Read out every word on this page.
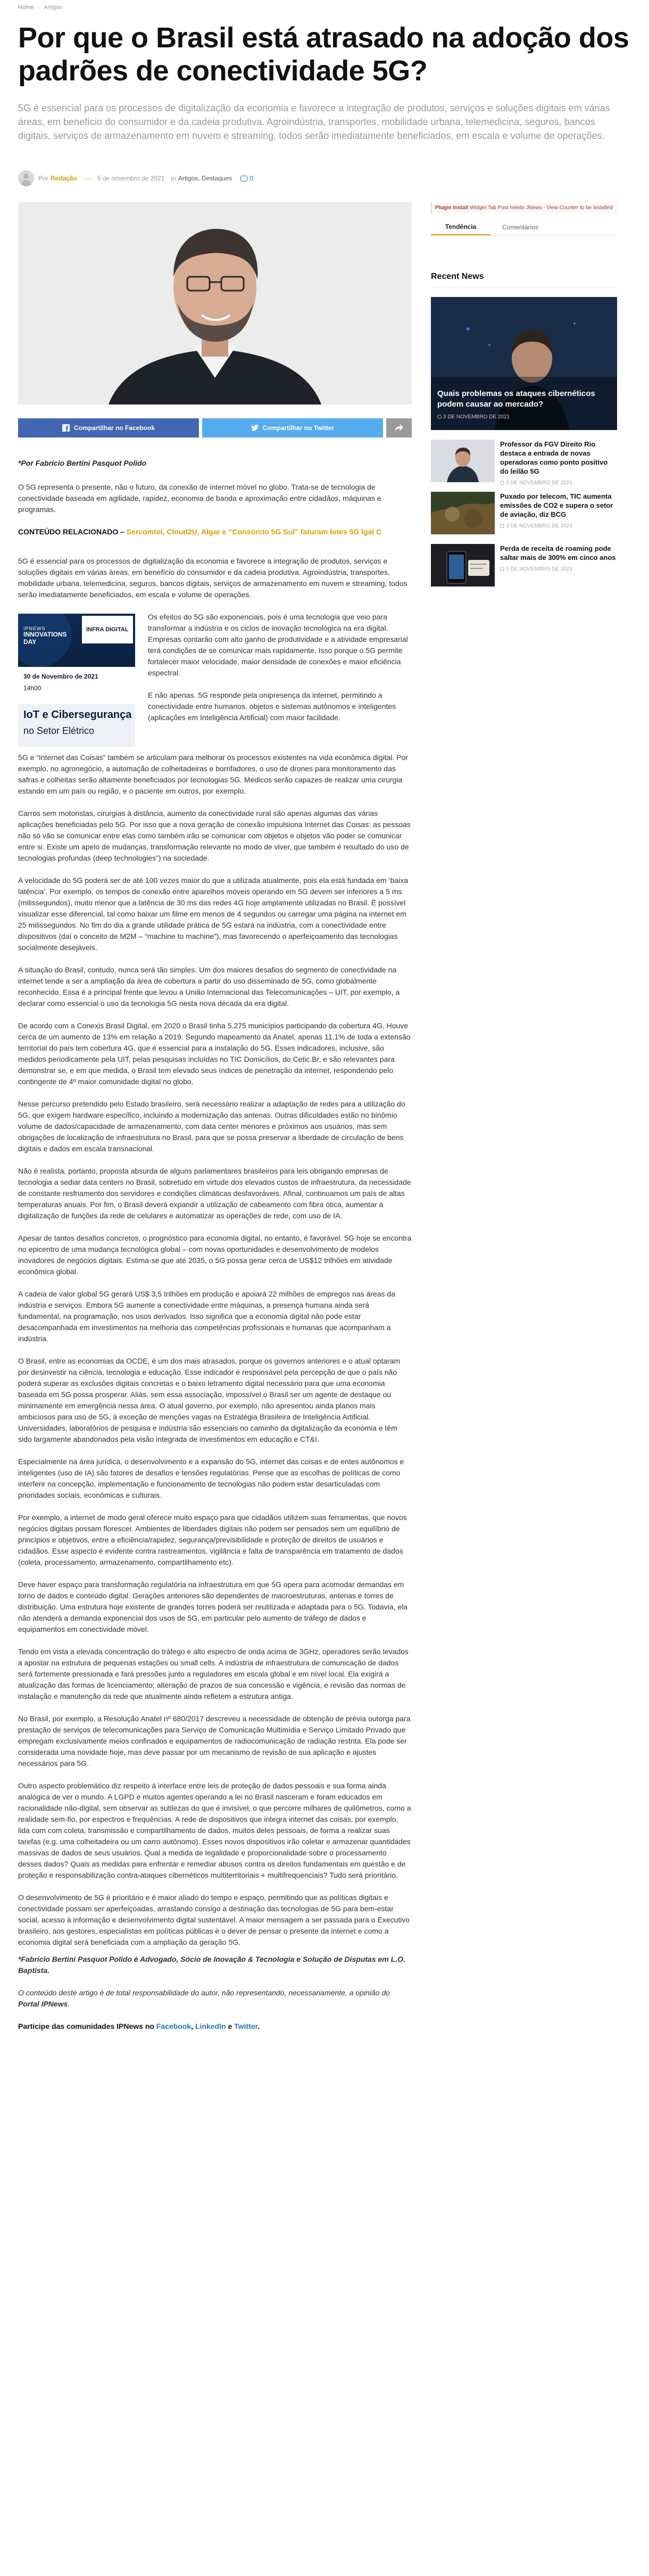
Home › Artigos
Por que o Brasil está atrasado na adoção dos padrões de conectividade 5G?

5G é essencial para os processos de digitalização da economia e favorece a integração de produtos, serviços e soluções digitais em várias áreas, em benefício do consumidor e da cadeia produtiva. Agroindústria, transportes, mobilidade urbana, telemedicina, seguros, bancos digitais, serviços de armazenamento em nuvem e streaming, todos serão imediatamente beneficiados, em escala e volume de operações.

Por Redação — 5 de novembro de 2021 in Artigos, Destaques	0
Compartilhar no Facebook	Compartilhar no Twitter

*Por Fabrício Bertini Pasquot Polido

O 5G representa o presente, não o futuro, da conexão de internet móvel no globo. Trata-se de tecnologia de conectividade baseada em agilidade, rapidez, economia de banda e aproximação entre cidadãos, máquinas e programas.

CONTEÚDO RELACIONADO – Sercomtel, Cloud2U, Algar e “Consórcio 5G Sul” faturam lotes 5G lgal C

5G é essencial para os processos de digitalização da economia e favorece a integração de produtos, serviços e soluções digitais em várias áreas, em benefício do consumidor e da cadeia produtiva. Agroindústria, transportes, mobilidade urbana, telemedicina, seguros, bancos digitais, serviços de armazenamento em nuvem e streaming, todos serão imediatamente beneficiados, em escala e volume de operações.

IPNEWS
INNOVATIONS DAY
INFRA DIGITAL
30 de Novembro de 2021
14h00
IoT e Cibersegurança
no Setor Elétrico

Os efeitos do 5G são exponenciais, pois é uma tecnologia que veio para transformar a indústria e os ciclos de inovação tecnológica na era digital. Empresas contarão com alto ganho de produtividade e a atividade empresarial terá condições de se comunicar mais rapidamente. Isso porque o 5G permite fortalecer maior velocidade, maior densidade de conexões e maior eficiência espectral.

E não apenas. 5G responde pela onipresença da internet, permitindo a conectividade entre humanos, objetos e sistemas autônomos e inteligentes (aplicações em Inteligência Artificial) com maior facilidade.

5G e “Internet das Coisas” também se articulam para melhorar os processos existentes na vida econômica digital. Por exemplo, no agronegócio, a automação de colheitadeiras e borrifadores, o uso de drones para monitoramento das safras e colheitas serão altamente beneficiados por tecnologias 5G. Médicos serão capazes de realizar uma cirurgia estando em um país ou região, e o paciente em outros, por exemplo.

Carros sem motoristas, cirurgias à distância, aumento da conectividade rural são apenas algumas das várias aplicações beneficiadas pelo 5G. Por isso que a nova geração de conexão impulsiona Internet das Coisas: as pessoas não só vão se comunicar entre elas como também irão se comunicar com objetos e objetos vão poder se comunicar entre si. Existe um apelo de mudanças, transformação relevante no modo de viver, que também é resultado do uso de tecnologias profundas (deep technologies”) na sociedade.

A velocidade do 5G poderá ser de até 100 vezes maior do que a utilizada atualmente, pois ela está fundada em ‘baixa latência’. Por exemplo, os tempos de conexão entre aparelhos móveis operando em 5G devem ser inferiores a 5 ms (milissegundos), muito menor que a latência de 30 ms das redes 4G hoje amplamente utilizadas no Brasil. É possível visualizar esse diferencial, tal como baixar um filme em menos de 4 segundos ou carregar uma página na internet em 25 milissegundos. No fim do dia a grande utilidade prática de 5G estará na indústria, com a conectividade entre dispositivos (daí o conceito de M2M – “machine to machine”), mas favorecendo o aperfeiçoamento das tecnologias socialmente desejáveis.

A situação do Brasil, contudo, nunca será tão simples. Um dos maiores desafios do segmento de conectividade na internet tende a ser a ampliação da área de cobertura a partir do uso disseminado de 5G, como globalmente reconhecido. Essa é a principal frente que levou a União Internacional das Telecomunicações – UIT, por exemplo, a declarar como essencial o uso da tecnologia 5G nesta nova década da era digital.

De acordo com a Conexis Brasil Digital, em 2020 o Brasil tinha 5.275 municípios participando da cobertura 4G. Houve cerca de um aumento de 13% em relação a 2019. Segundo mapeamento da Anatel, apenas 11,1% de toda a extensão territorial do país tem cobertura 4G, que é essencial para a instalação do 5G. Esses indicadores, inclusive, são medidos periodicamente pela UIT, pelas pesquisas incluídas no TIC Domicílios, do Cetic.Br, e são relevantes para demonstrar se, e em que medida, o Brasil tem elevado seus índices de penetração da internet, respondendo pelo contingente de 4º maior comunidade digital no globo.

Nesse percurso pretendido pelo Estado brasileiro, será necessário realizar a adaptação de redes para a utilização do 5G, que exigem hardware específico, incluindo a modernização das antenas. Outras dificuldades estão no binômio volume de dados/capacidade de armazenamento, com data center menores e próximos aos usuários, mas sem obrigações de localização de infraestrutura no Brasil, para que se possa preservar a liberdade de circulação de bens digitais e dados em escala transnacional.

Não é realista, portanto, proposta absurda de alguns parlamentares brasileiros para leis obrigando empresas de tecnologia a sediar data centers no Brasil, sobretudo em virtude dos elevados custos de infraestrutura, da necessidade de constante resfriamento dos servidores e condições climáticas desfavoráveis. Afinal, continuamos um país de altas temperaturas anuais. Por fim, o Brasil deverá expandir a utilização de cabeamento com fibra ótica, aumentar a digitalização de funções da rede de celulares e automatizar as operações de rede, com uso de IA.

Apesar de tantos desafios concretos, o prognóstico para economia digital, no entanto, é favorável. 5G hoje se encontra no epicentro de uma mudança tecnológica global – com novas oportunidades e desenvolvimento de modelos inovadores de negócios digitais. Estima-se que até 2035, o 5G possa gerar cerca de US$12 trilhões em atividade econômica global.

A cadeia de valor global 5G gerará US$ 3,5 trilhões em produção e apoiará 22 milhões de empregos nas áreas da indústria e serviços. Embora 5G aumente a conectividade entre máquinas, a presença humana ainda será fundamental, na programação, nos usos derivados. Isso significa que a economia digital não pode estar desacompanhada em investimentos na melhoria das competências profissionais e humanas que acompanham a indústria.

O Brasil, entre as economias da OCDE, é um dos mais atrasados, porque os governos anteriores e o atual optaram por desinvestir na ciência, tecnologia e educação. Esse indicador é responsável pela percepção de que o país não poderá superar as exclusões digitais concretas e o baixo letramento digital necessário para que uma economia baseada em 5G possa prosperar. Aliás, sem essa associação, impossível o Brasil ser um agente de destaque ou minimamente em emergência nessa área. O atual governo, por exemplo, não apresentou ainda planos mais ambiciosos para uso de 5G, à exceção de menções vagas na Estratégia Brasileira de Inteligência Artificial. Universidades, laboratórios de pesquisa e indústria são essenciais no caminho da digitalização da economia e têm sido largamente abandonados pela visão integrada de investimentos em educação e CT&I.

Especialmente na área jurídica, o desenvolvimento e a expansão do 5G, internet das coisas e de entes autônomos e inteligentes (uso de IA) são fatores de desafios e tensões regulatórias. Pense que as escolhas de políticas de como interferir na concepção, implementação e funcionamento de tecnologias não podem estar desarticuladas com prioridades sociais, econômicas e culturais.

Por exemplo, a internet de modo geral oferece muito espaço para que cidadãos utilizem suas ferramentas, que novos negócios digitais possam florescer. Ambientes de liberdades digitais não podem ser pensados sem um equilíbrio de princípios e objetivos, entre a eficiência/rapidez, segurança/previsibilidade e proteção de direitos de usuários e cidadãos. Esse aspecto é evidente contra rastreamentos, vigilância e falta de transparência em tratamento de dados (coleta, processamento, armazenamento, compartilhamento etc).

Deve haver espaço para transformação regulatória na infraestrutura em que 5G opera para acomodar demandas em torno de dados e conteúdo digital. Gerações anteriores são dependentes de macroestruturas, antenas e torres de distribuição. Uma estrutura hoje existente de grandes torres poderá ser reutilizada e adaptada para o 5G. Todavia, ela não atenderá a demanda exponencial dos usos de 5G, em particular pelo aumento de tráfego de dados e equipamentos em conectividade móvel.

Tendo em vista a elevada concentração do tráfego e alto espectro de onda acima de 3GHz, operadores serão levados a apostar na estrutura de pequenas estações ou small cells. A indústria de infraestrutura de comunicação de dados será fortemente pressionada e fará pressões junto a reguladores em escala global e em nível local. Ela exigirá a atualização das formas de licenciamento; alteração de prazos de sua concessão e vigência, e revisão das normas de instalação e manutenção da rede que atualmente ainda refletem a estrutura antiga.

No Brasil, por exemplo, a Resolução Anatel nº 680/2017 descreveu a necessidade de obtenção de prévia outorga para prestação de serviços de telecomunicações para Serviço de Comunicação Multimídia e Serviço Limitado Privado que empregam exclusivamente meios confinados e equipamentos de radiocomunicação de radiação restrita. Ela pode ser considerada uma novidade hoje, mas deve passar por um mecanismo de revisão de sua aplicação e ajustes necessários para 5G.

Outro aspecto problemático diz respeito à interface entre leis de proteção de dados pessoais e sua forma ainda analógica de ver o mundo. A LGPD e muitos agentes operando a lei no Brasil nasceram e foram educados em racionalidade não-digital, sem observar as sutilezas do que é invisível, o que percorre milhares de quilômetros, como a realidade sem-fio, por espectros e frequências. A rede de dispositivos que integra internet das coisas, por exemplo, lida com com coleta, transmissão e compartilhamento de dados, muitos deles pessoais, de forma a realizar suas tarefas (e.g. uma colheitadeira ou um carro autônomo). Esses novos dispositivos irão coletar e armazenar quantidades massivas de dados de seus usuários. Qual a medida de legalidade e proporcionalidade sobre o processamento desses dados? Quais as medidas para enfrentar e remediar abusos contra os direitos fundamentais em questão e de proteção e responsabilização contra-ataques cibernéticos multiterritoriais + multifrequenciais? Tudo será prioritário.

O desenvolvimento de 5G é prioritário e é maior aliado do tempo e espaço, permitindo que as políticas digitais e conectividade possam ser aperfeiçoadas, arrastando consigo a destinação das tecnologias de 5G para bem-estar social, acesso à informação e desenvolvimento digital sustentável. A maior mensagem a ser passada para o Executivo brasileiro, aos gestores, especialistas em políticas públicas é o dever de pensar o presente da internet e como a economia digital será beneficiada com a ampliação da geração 5G.

*Fabrício Bertini Pasquot Polido é Advogado, Sócio de Inovação & Tecnologia e Solução de Disputas em L.O. Baptista.

O conteúdo deste artigo é de total responsabilidade do autor, não representando, necessariamente, a opinião do Portal IPNews.

Participe das comunidades IPNews no Facebook, LinkedIn e Twitter.

Plugin Install Widget Tab Post needs JNews - View Counter to be installed
Tendência	Comentários
Recent News
Quais problemas os ataques cibernéticos podem causar ao mercado?
3 DE NOVEMBRO DE 2021
Professor da FGV Direito Rio destaca a entrada de novas operadoras como ponto positivo do leilão 5G
3 DE NOVEMBRO DE 2021
Puxado por telecom, TIC aumenta emissões de CO2 e supera o setor de aviação, diz BCG
3 DE NOVEMBRO DE 2021
Perda de receita de roaming pode saltar mais de 300% em cinco anos
3 DE NOVEMBRO DE 2021
